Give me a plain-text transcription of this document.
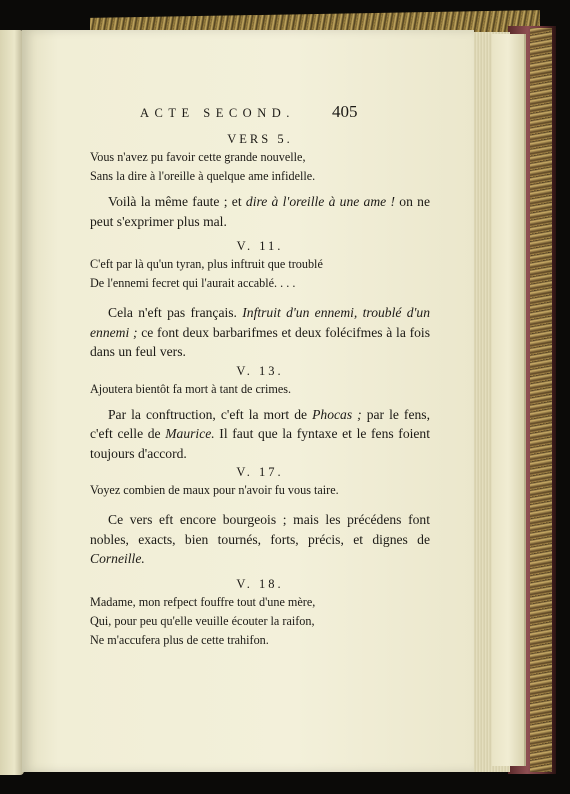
ACTE SECOND. 405
VERS 5.
Vous n'avez pu favoir cette grande nouvelle,
Sans la dire à l'oreille à quelque ame infidelle.
Voilà la même faute ; et dire à l'oreille à une ame ! on ne peut s'exprimer plus mal.
V. 11.
C'eft par là qu'un tyran, plus inftruit que troublé
De l'ennemi fecret qui l'aurait accablé. . . .
Cela n'eft pas français. Inftruit d'un ennemi, troublé d'un ennemi ; ce font deux barbarifmes et deux folécifmes à la fois dans un feul vers.
V. 13.
Ajoutera bientôt fa mort à tant de crimes.
Par la conftruction, c'eft la mort de Phocas ; par le fens, c'eft celle de Maurice. Il faut que la fyntaxe et le fens foient toujours d'accord.
V. 17.
Voyez combien de maux pour n'avoir fu vous taire.
Ce vers eft encore bourgeois ; mais les précédens font nobles, exacts, bien tournés, forts, précis, et dignes de Corneille.
V. 18.
Madame, mon refpect fouffre tout d'une mère,
Qui, pour peu qu'elle veuille écouter la raifon,
Ne m'accufera plus de cette trahifon.
